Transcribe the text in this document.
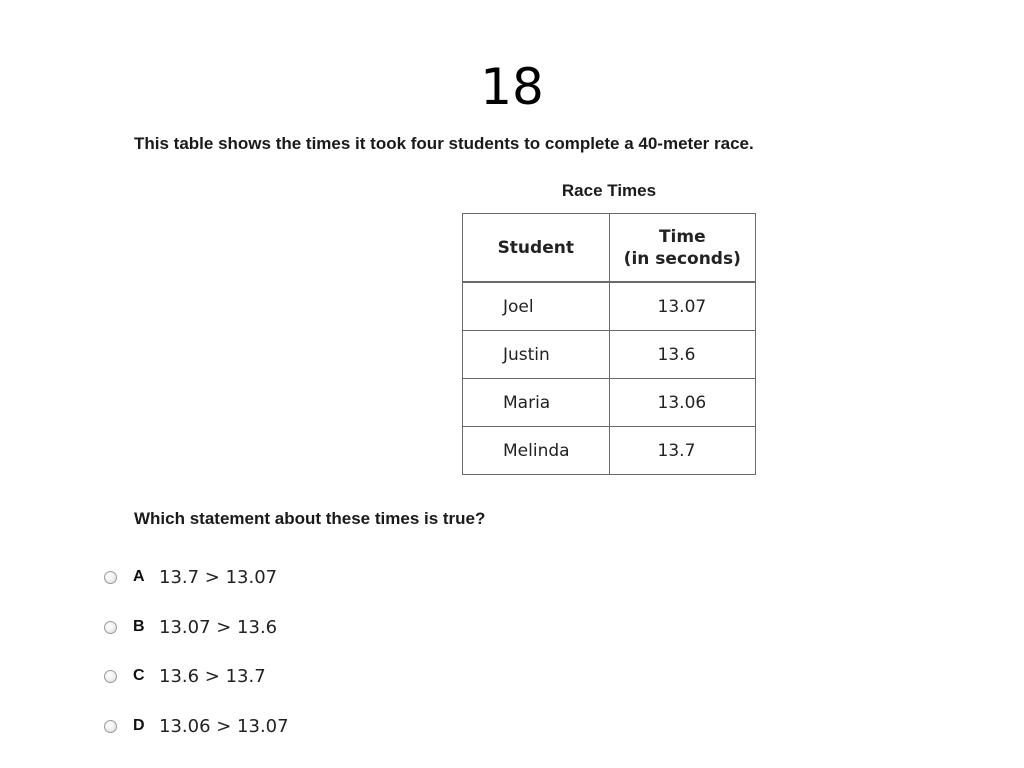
18
This table shows the times it took four students to complete a 40-meter race.
Race Times
Student	Time
(in seconds)
Joel	13.07
Justin	13.6
Maria	13.06
Melinda	13.7
Which statement about these times is true?
A 13.7 > 13.07
B 13.07 > 13.6
C 13.6 > 13.7
D 13.06 > 13.07
